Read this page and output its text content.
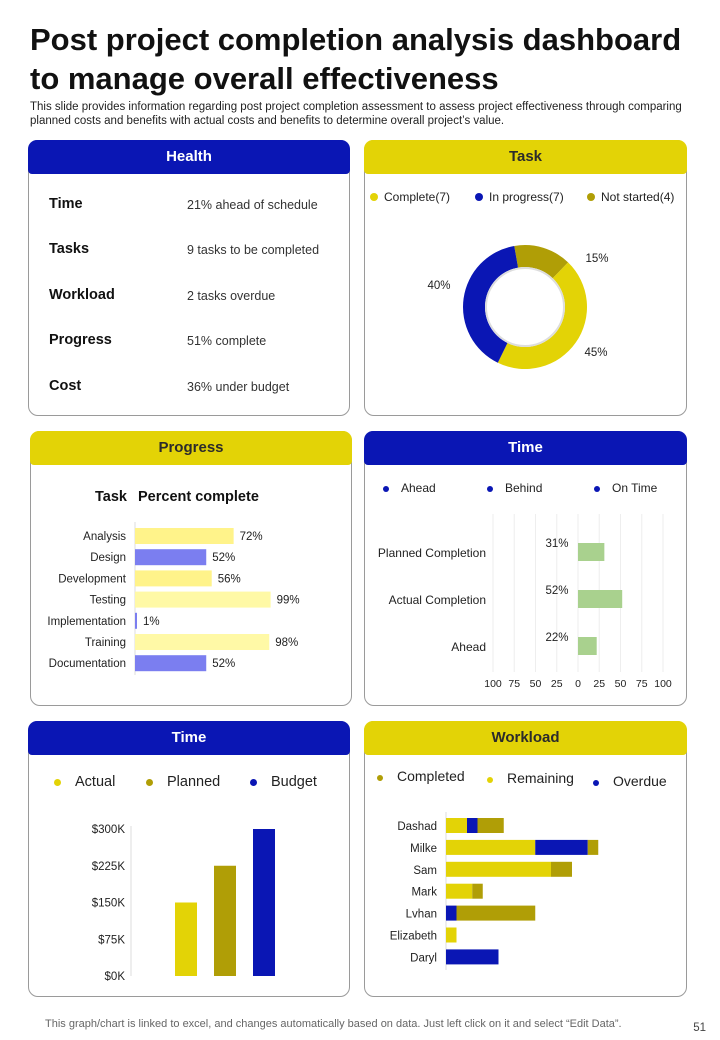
Post project completion analysis dashboard to manage overall effectiveness
This slide provides information regarding post project completion assessment to assess project effectiveness through comparing planned costs and benefits with actual costs and benefits to determine overall project’s value.
Health
Time	21% ahead of schedule
Tasks	9 tasks to be completed
Workload	2 tasks overdue
Progress	51% complete
Cost	36% under budget
Task
Complete(7)	In progress(7)	Not started(4)
45%
40%
15%
Progress
Task Percent complete
Analysis	72%
Design	52%
Development	56%
Testing	99%
Implementation 1%
Training	98%
Documentation	52%
Time
Ahead	Behind	On Time
100 75 50 25 0 25 50 75 100
Planned Completion
31%
Actual Completion
52%
Ahead
22%
Time
Actual	Planned	Budget
$0K
$75K
$150K
$225K
$300K
Workload
Completed	Remaining	Overdue
Dashad
Milke
Sam
Mark
Lvhan
Elizabeth
Daryl
This graph/chart is linked to excel, and changes automatically based on data. Just left click on it and select “Edit Data”.	51
